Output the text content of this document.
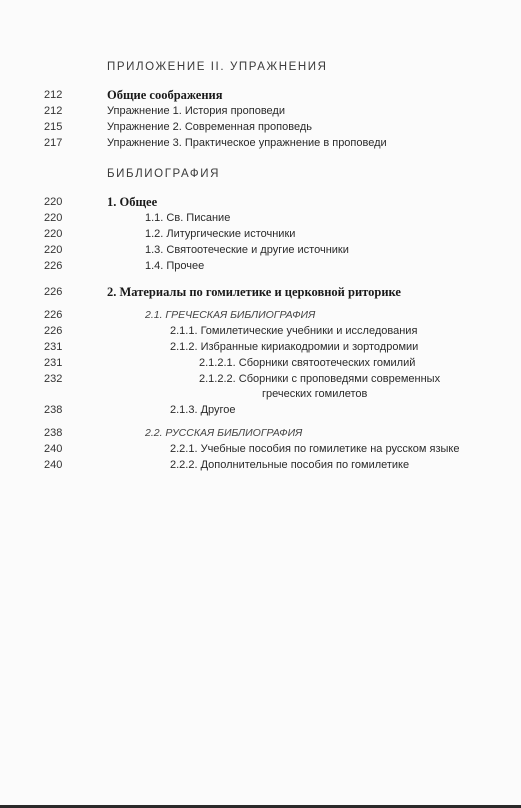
ПРИЛОЖЕНИЕ II. УПРАЖНЕНИЯ
212	Общие соображения
212	Упражнение 1. История проповеди
215	Упражнение 2. Современная проповедь
217	Упражнение 3. Практическое упражнение в проповеди
БИБЛИОГРАФИЯ
220	1. Общее
220	1.1. Св. Писание
220	1.2. Литургические источники
220	1.3. Святоотеческие и другие источники
226	1.4. Прочее
226	2. Материалы по гомилетике и церковной риторике
226	2.1. ГРЕЧЕСКАЯ БИБЛИОГРАФИЯ
226	2.1.1. Гомилетические учебники и исследования
231	2.1.2. Избранные кириакодромии и зортодромии
231	2.1.2.1. Сборники святоотеческих гомилий
232	2.1.2.2. Сборники с проповедями современных
греческих гомилетов
238	2.1.3. Другое
238	2.2. РУССКАЯ БИБЛИОГРАФИЯ
240	2.2.1. Учебные пособия по гомилетике на русском языке
240	2.2.2. Дополнительные пособия по гомилетике
